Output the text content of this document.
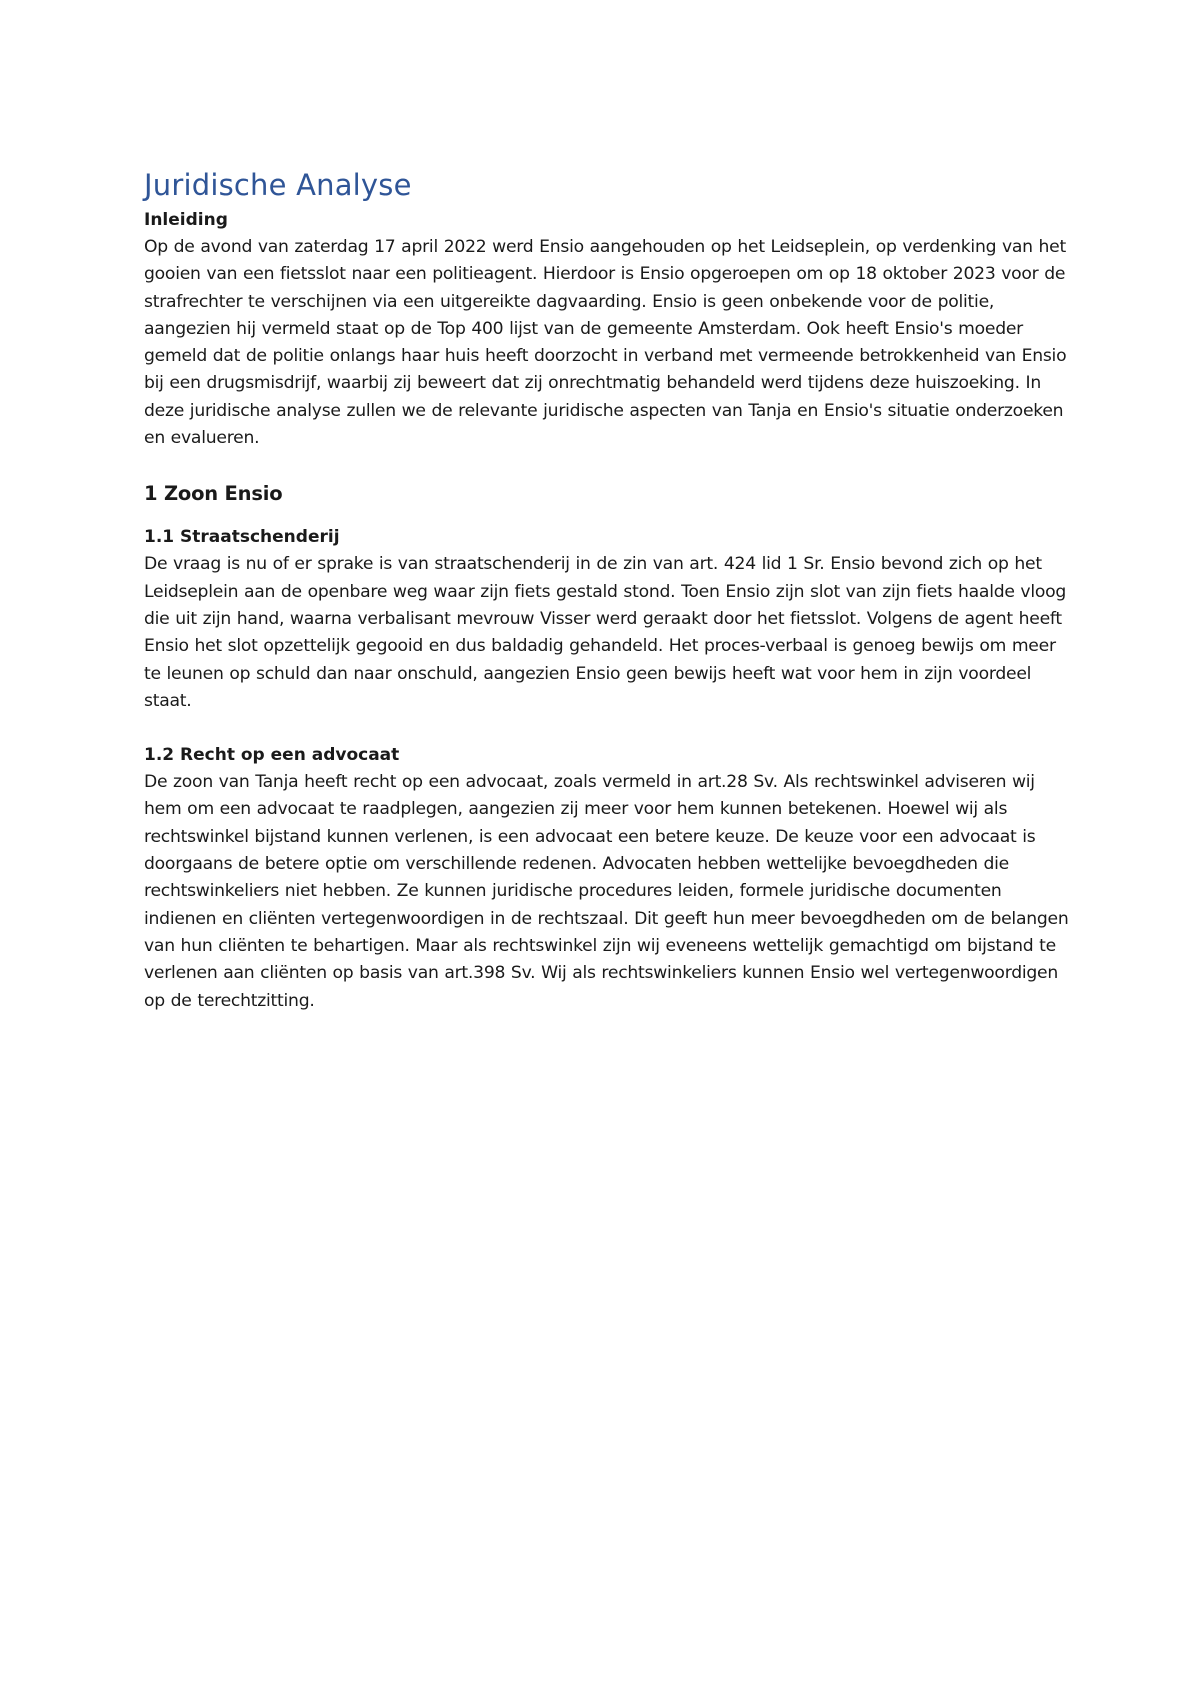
Juridische Analyse
Inleiding

Op de avond van zaterdag 17 april 2022 werd Ensio aangehouden op het Leidseplein, op verdenking van het gooien van een fietsslot naar een politieagent. Hierdoor is Ensio opgeroepen om op 18 oktober 2023 voor de strafrechter te verschijnen via een uitgereikte dagvaarding. Ensio is geen onbekende voor de politie, aangezien hij vermeld staat op de Top 400 lijst van de gemeente Amsterdam. Ook heeft Ensio's moeder gemeld dat de politie onlangs haar huis heeft doorzocht in verband met vermeende betrokkenheid van Ensio bij een drugsmisdrijf, waarbij zij beweert dat zij onrechtmatig behandeld werd tijdens deze huiszoeking. In deze juridische analyse zullen we de relevante juridische aspecten van Tanja en Ensio's situatie onderzoeken en evalueren.

1 Zoon Ensio
1.1 Straatschenderij

De vraag is nu of er sprake is van straatschenderij in de zin van art. 424 lid 1 Sr. Ensio bevond zich op het Leidseplein aan de openbare weg waar zijn fiets gestald stond. Toen Ensio zijn slot van zijn fiets haalde vloog die uit zijn hand, waarna verbalisant mevrouw Visser werd geraakt door het fietsslot. Volgens de agent heeft Ensio het slot opzettelijk gegooid en dus baldadig gehandeld. Het proces-verbaal is genoeg bewijs om meer te leunen op schuld dan naar onschuld, aangezien Ensio geen bewijs heeft wat voor hem in zijn voordeel staat.

1.2 Recht op een advocaat

De zoon van Tanja heeft recht op een advocaat, zoals vermeld in art.28 Sv. Als rechtswinkel adviseren wij hem om een advocaat te raadplegen, aangezien zij meer voor hem kunnen betekenen. Hoewel wij als rechtswinkel bijstand kunnen verlenen, is een advocaat een betere keuze. De keuze voor een advocaat is doorgaans de betere optie om verschillende redenen. Advocaten hebben wettelijke bevoegdheden die rechtswinkeliers niet hebben. Ze kunnen juridische procedures leiden, formele juridische documenten indienen en cliënten vertegenwoordigen in de rechtszaal. Dit geeft hun meer bevoegdheden om de belangen van hun cliënten te behartigen. Maar als rechtswinkel zijn wij eveneens wettelijk gemachtigd om bijstand te verlenen aan cliënten op basis van art.398 Sv. Wij als rechtswinkeliers kunnen Ensio wel vertegenwoordigen op de terechtzitting.
